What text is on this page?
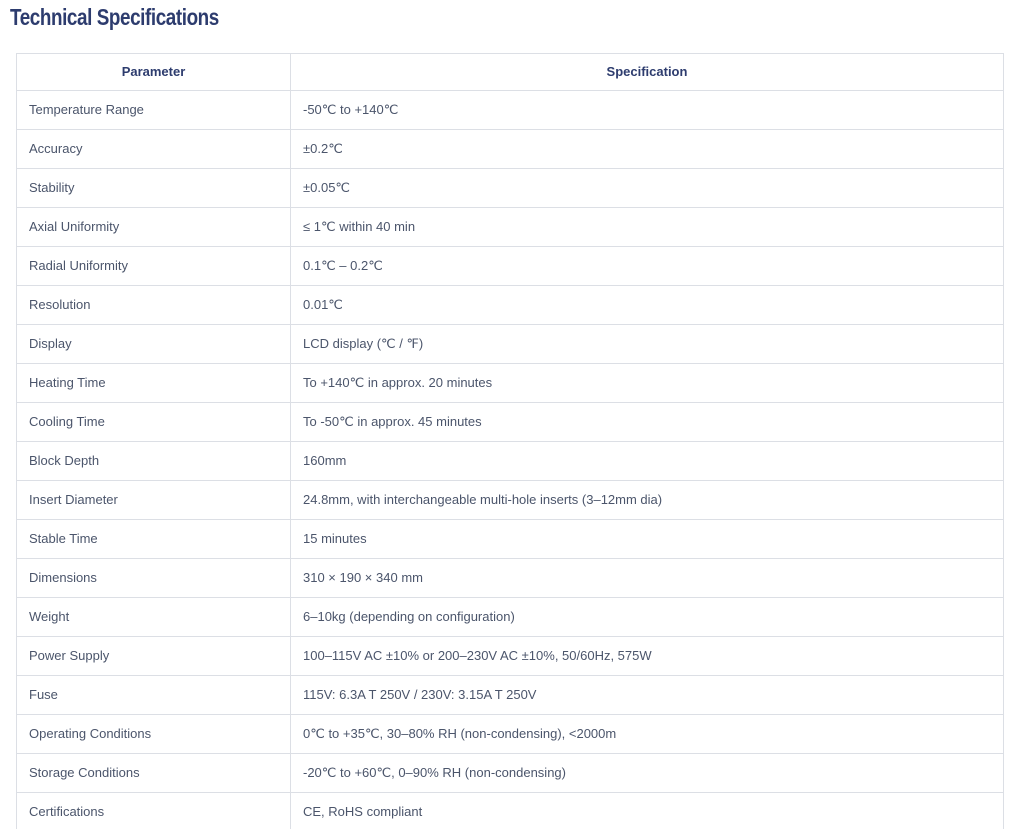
Technical Specifications
Parameter	Specification
Temperature Range	-50℃ to +140℃
Accuracy	±0.2℃
Stability	±0.05℃
Axial Uniformity	≤ 1℃ within 40 min
Radial Uniformity	0.1℃ – 0.2℃
Resolution	0.01℃
Display	LCD display (℃ / ℉)
Heating Time	To +140℃ in approx. 20 minutes
Cooling Time	To -50℃ in approx. 45 minutes
Block Depth	160mm
Insert Diameter	24.8mm, with interchangeable multi-hole inserts (3–12mm dia)
Stable Time	15 minutes
Dimensions	310 × 190 × 340 mm
Weight	6–10kg (depending on configuration)
Power Supply	100–115V AC ±10% or 200–230V AC ±10%, 50/60Hz, 575W
Fuse	115V: 6.3A T 250V / 230V: 3.15A T 250V
Operating Conditions	0℃ to +35℃, 30–80% RH (non-condensing), <2000m
Storage Conditions	-20℃ to +60℃, 0–90% RH (non-condensing)
Certifications	CE, RoHS compliant
